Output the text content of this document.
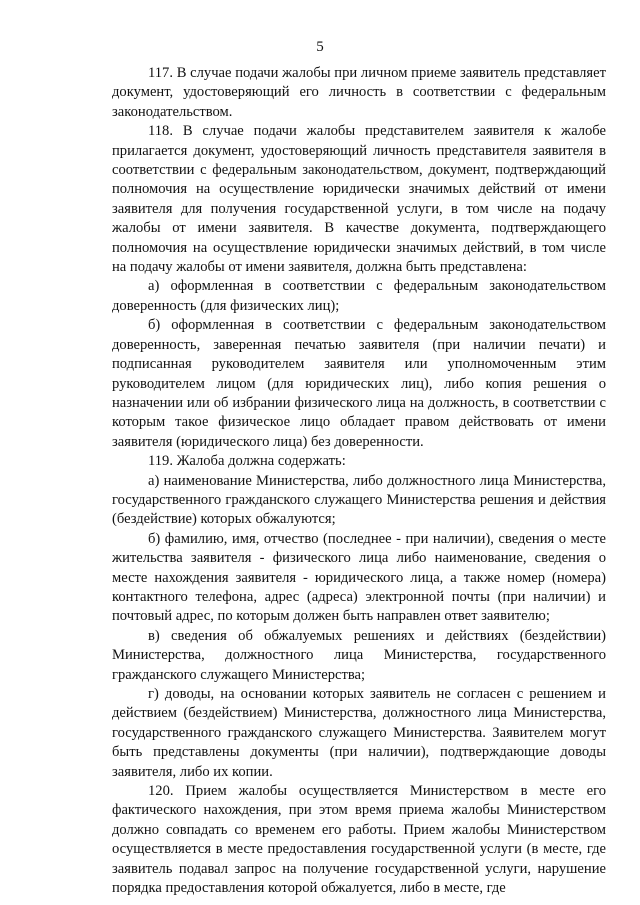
5

117. В случае подачи жалобы при личном приеме заявитель представляет документ, удостоверяющий его личность в соответствии с федеральным законодательством.

118. В случае подачи жалобы представителем заявителя к жалобе прилагается документ, удостоверяющий личность представителя заявителя в соответствии с федеральным законодательством, документ, подтверждающий полномочия на осуществление юридически значимых действий от имени заявителя для получения государственной услуги, в том числе на подачу жалобы от имени заявителя. В качестве документа, подтверждающего полномочия на осуществление юридически значимых действий, в том числе на подачу жалобы от имени заявителя, должна быть представлена:

а) оформленная в соответствии с федеральным законодательством доверенность (для физических лиц);

б) оформленная в соответствии с федеральным законодательством доверенность, заверенная печатью заявителя (при наличии печати) и подписанная руководителем заявителя или уполномоченным этим руководителем лицом (для юридических лиц), либо копия решения о назначении или об избрании физического лица на должность, в соответствии с которым такое физическое лицо обладает правом действовать от имени заявителя (юридического лица) без доверенности.

119. Жалоба должна содержать:

а) наименование Министерства, либо должностного лица Министерства, государственного гражданского служащего Министерства решения и действия (бездействие) которых обжалуются;

б) фамилию, имя, отчество (последнее - при наличии), сведения о месте жительства заявителя - физического лица либо наименование, сведения о месте нахождения заявителя - юридического лица, а также номер (номера) контактного телефона, адрес (адреса) электронной почты (при наличии) и почтовый адрес, по которым должен быть направлен ответ заявителю;

в) сведения об обжалуемых решениях и действиях (бездействии) Министерства, должностного лица Министерства, государственного гражданского служащего Министерства;

г) доводы, на основании которых заявитель не согласен с решением и действием (бездействием) Министерства, должностного лица Министерства, государственного гражданского служащего Министерства. Заявителем могут быть представлены документы (при наличии), подтверждающие доводы заявителя, либо их копии.

120. Прием жалобы осуществляется Министерством в месте его фактического нахождения, при этом время приема жалобы Министерством должно совпадать со временем его работы. Прием жалобы Министерством осуществляется в месте предоставления государственной услуги (в месте, где заявитель подавал запрос на получение государственной услуги, нарушение порядка предоставления которой обжалуется, либо в месте, где
